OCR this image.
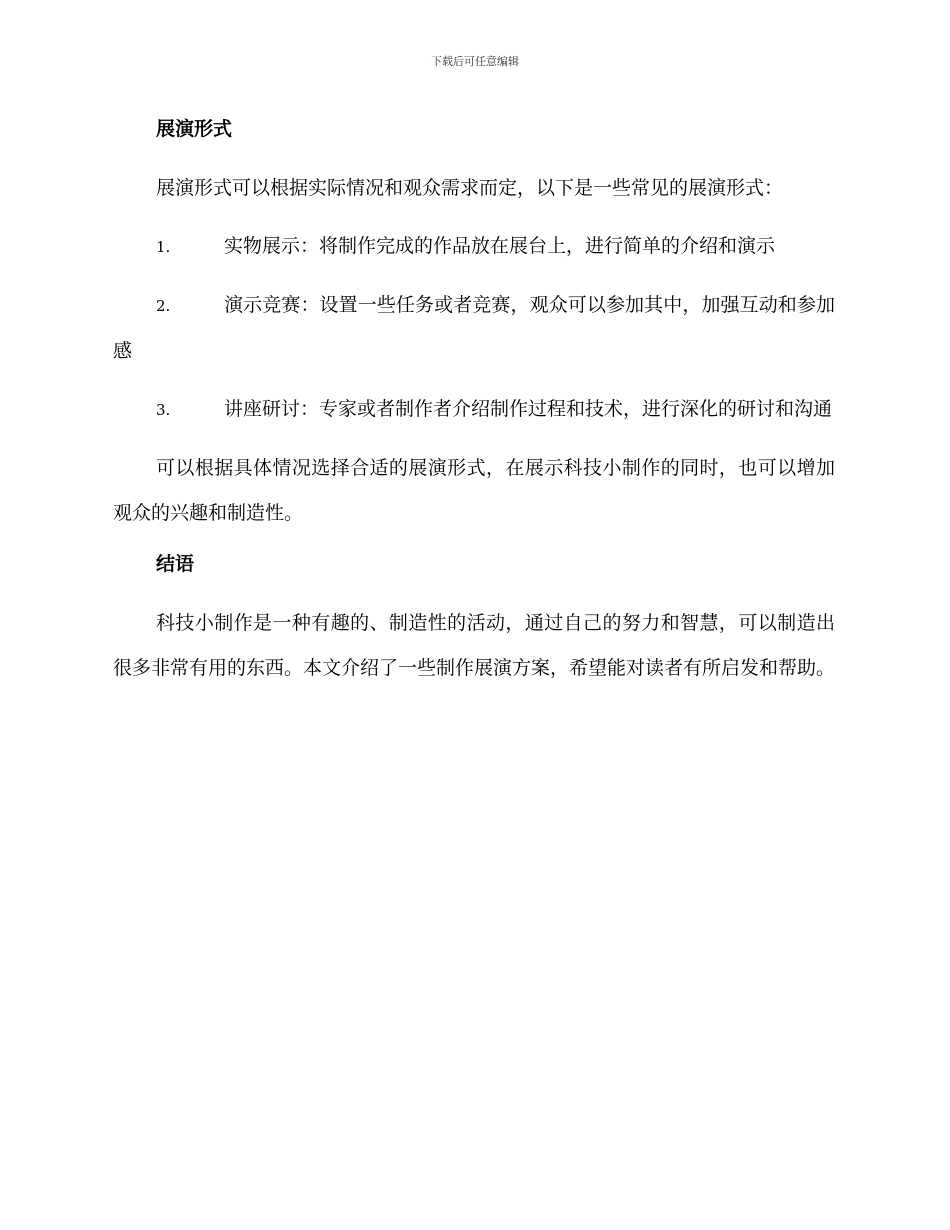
下载后可任意编辑
展演形式

展演形式可以根据实际情况和观众需求而定，以下是一些常见的展演形式：

1.	实物展示：将制作完成的作品放在展台上，进行简单的介绍和演示

2.	演示竞赛：设置一些任务或者竞赛，观众可以参加其中，加强互动和参加感

3.	讲座研讨：专家或者制作者介绍制作过程和技术，进行深化的研讨和沟通

可以根据具体情况选择合适的展演形式，在展示科技小制作的同时，也可以增加观众的兴趣和制造性。

结语

科技小制作是一种有趣的、制造性的活动，通过自己的努力和智慧，可以制造出很多非常有用的东西。本文介绍了一些制作展演方案，希望能对读者有所启发和帮助。
